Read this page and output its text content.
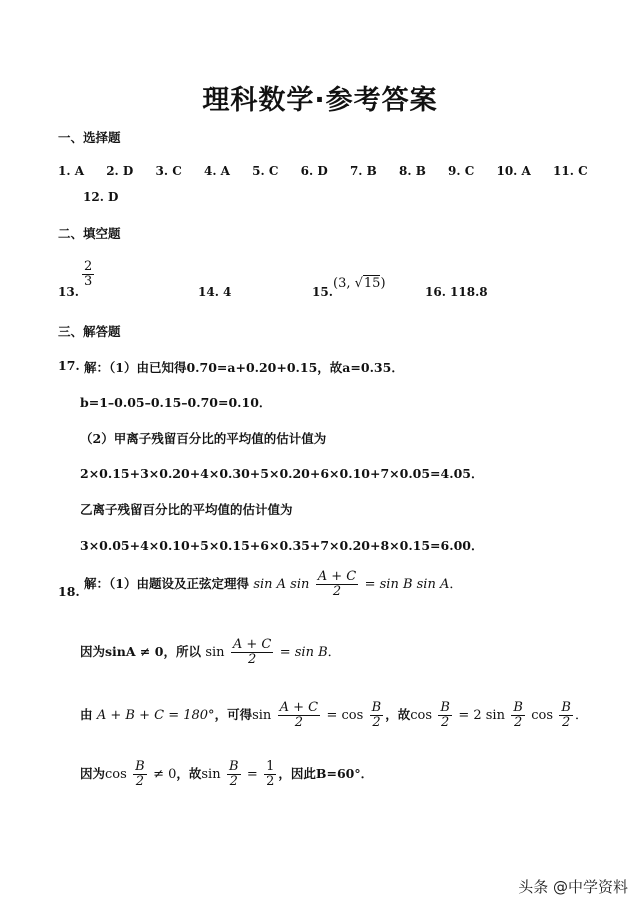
理科数学·参考答案
一、选择题
1. A 2. D 3. C 4. A 5. C 6. D 7. B 8. B 9. C 10. A 11. C
12. D
二、填空题
13.
$\frac{2}{3}$
14. 4	15.
(3, √15)
16. 118.8
三、解答题
17. 解：（1）由已知得0.70=a+0.20+0.15，故a=0.35．
b=1–0.05–0.15–0.70=0.10．
（2）甲离子残留百分比的平均值的估计值为
2×0.15+3×0.20+4×0.30+5×0.20+6×0.10+7×0.05=4.05．
乙离子残留百分比的平均值的估计值为
3×0.05+4×0.10+5×0.15+6×0.35+7×0.20+8×0.15=6.00．
18.
解：（1）由题设及正弦定理得 sin A $\sin \frac{A + C}{2} = \sin B$ sin A．
因为sinA ≠ 0，所以 $\sin \frac{A + C}{2} = \sin B$．
由 A + B + C = 180°，可得$\sin \frac{A + C}{2} = \cos \frac{B}{2}$ ，故$\cos \frac{B}{2} = 2$ $\sin \frac{B}{2}$ $\cos \frac{B}{2}$ ．
因为$\cos \frac{B}{2} \ne 0$，故$\sin \frac{B}{2} = \frac{1}{2}$ ，因此B=60°．
头条 @中学资料
